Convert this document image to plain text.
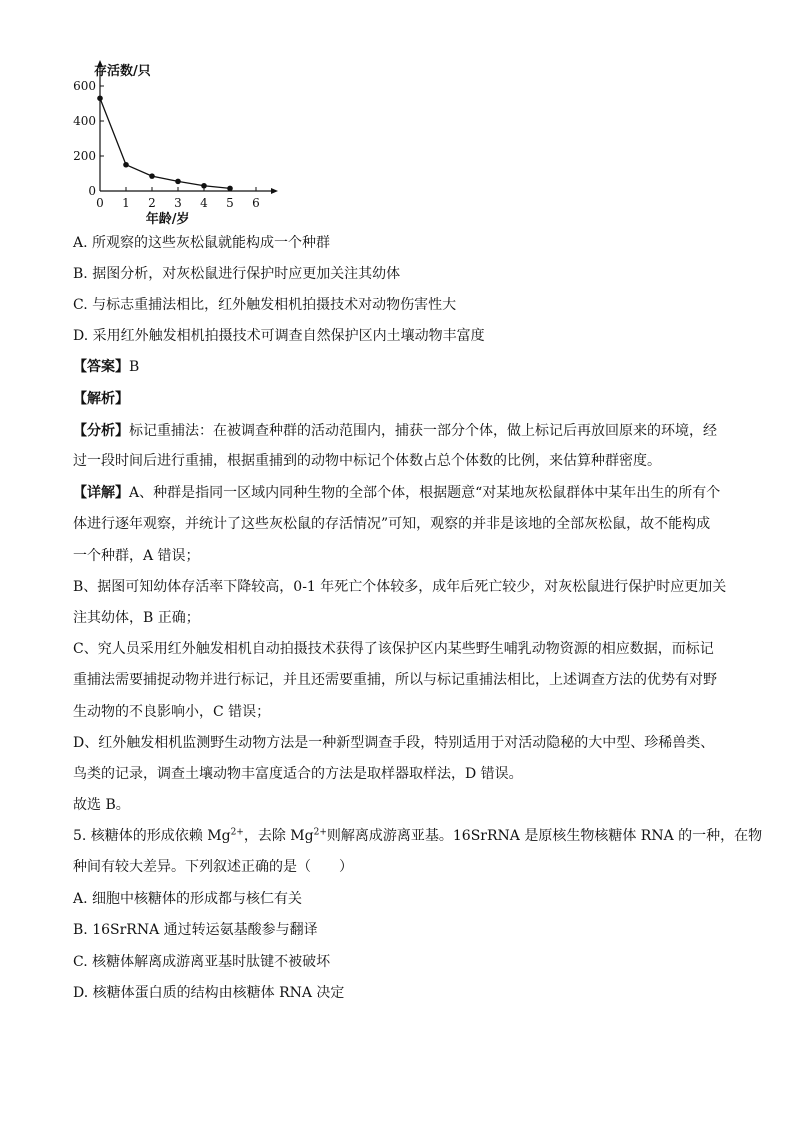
0
200
400
600
0 1 2 3 4 5 6
存活数/只
年龄/岁
A. 所观察的这些灰松鼠就能构成一个种群
B. 据图分析，对灰松鼠进行保护时应更加关注其幼体
C. 与标志重捕法相比，红外触发相机拍摄技术对动物伤害性大
D. 采用红外触发相机拍摄技术可调查自然保护区内土壤动物丰富度
【答案】B
【解析】
【分析】标记重捕法：在被调查种群的活动范围内，捕获一部分个体，做上标记后再放回原来的环境，经
过一段时间后进行重捕，根据重捕到的动物中标记个体数占总个体数的比例，来估算种群密度。
【详解】A、种群是指同一区域内同种生物的全部个体，根据题意“对某地灰松鼠群体中某年出生的所有个
体进行逐年观察，并统计了这些灰松鼠的存活情况”可知，观察的并非是该地的全部灰松鼠，故不能构成
一个种群，A 错误；
B、据图可知幼体存活率下降较高，0-1 年死亡个体较多，成年后死亡较少，对灰松鼠进行保护时应更加关
注其幼体，B 正确；
C、究人员采用红外触发相机自动拍摄技术获得了该保护区内某些野生哺乳动物资源的相应数据，而标记
重捕法需要捕捉动物并进行标记，并且还需要重捕，所以与标记重捕法相比，上述调查方法的优势有对野
生动物的不良影响小，C 错误；
D、红外触发相机监测野生动物方法是一种新型调查手段，特别适用于对活动隐秘的大中型、珍稀兽类、
鸟类的记录，调查土壤动物丰富度适合的方法是取样器取样法，D 错误。
故选 B。
5. 核糖体的形成依赖 $Mg^{2+}$，去除 $Mg^{2+}$则解离成游离亚基。16SrRNA 是原核生物核糖体 RNA 的一种，在物
种间有较大差异。下列叙述正确的是（　　）
A. 细胞中核糖体的形成都与核仁有关
B. 16SrRNA 通过转运氨基酸参与翻译
C. 核糖体解离成游离亚基时肽键不被破坏
D. 核糖体蛋白质的结构由核糖体 RNA 决定
